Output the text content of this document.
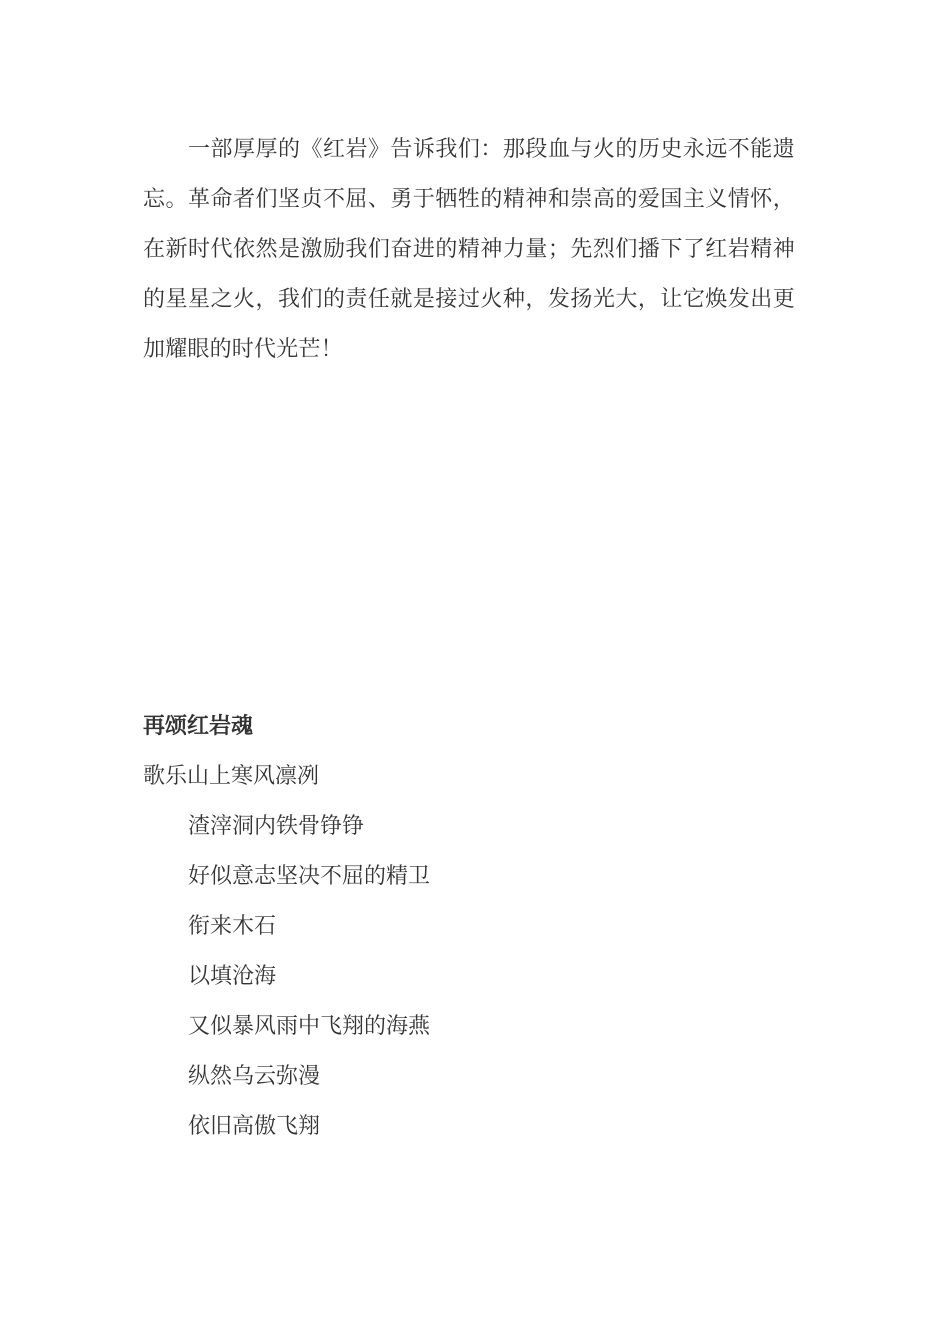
一部厚厚的《红岩》告诉我们：那段血与火的历史永远不能遗忘。革命者们坚贞不屈、勇于牺牲的精神和崇高的爱国主义情怀，在新时代依然是激励我们奋进的精神力量；先烈们播下了红岩精神的星星之火，我们的责任就是接过火种，发扬光大，让它焕发出更加耀眼的时代光芒！

再颂红岩魂

歌乐山上寒风凛冽

渣滓洞内铁骨铮铮

好似意志坚决不屈的精卫

衔来木石

以填沧海

又似暴风雨中飞翔的海燕

纵然乌云弥漫

依旧高傲飞翔
